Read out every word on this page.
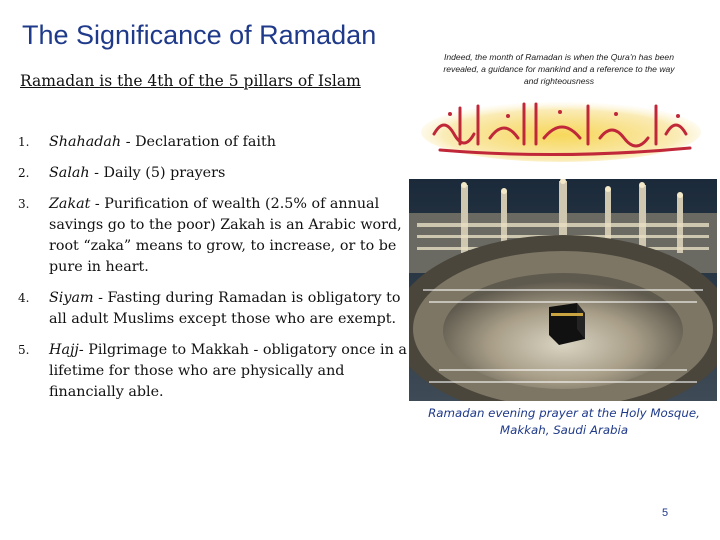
The Significance of Ramadan
Ramadan is the 4th of the 5 pillars of Islam
Indeed, the month of Ramadan is when the Qura'n has been revealed, a guidance for mankind and a reference to the way and righteousness
1. Shahadah - Declaration of faith
2. Salah - Daily (5) prayers
3. Zakat - Purification of wealth (2.5% of annual savings go to the poor) Zakah is an Arabic word, root “zaka” means to grow, to increase, or to be pure in heart.
4. Siyam - Fasting during Ramadan is obligatory to all adult Muslims except those who are exempt.
5. Hajj- Pilgrimage to Makkah - obligatory once in a lifetime for those who are physically and financially able.
Ramadan evening prayer at the Holy Mosque, Makkah, Saudi Arabia
5
